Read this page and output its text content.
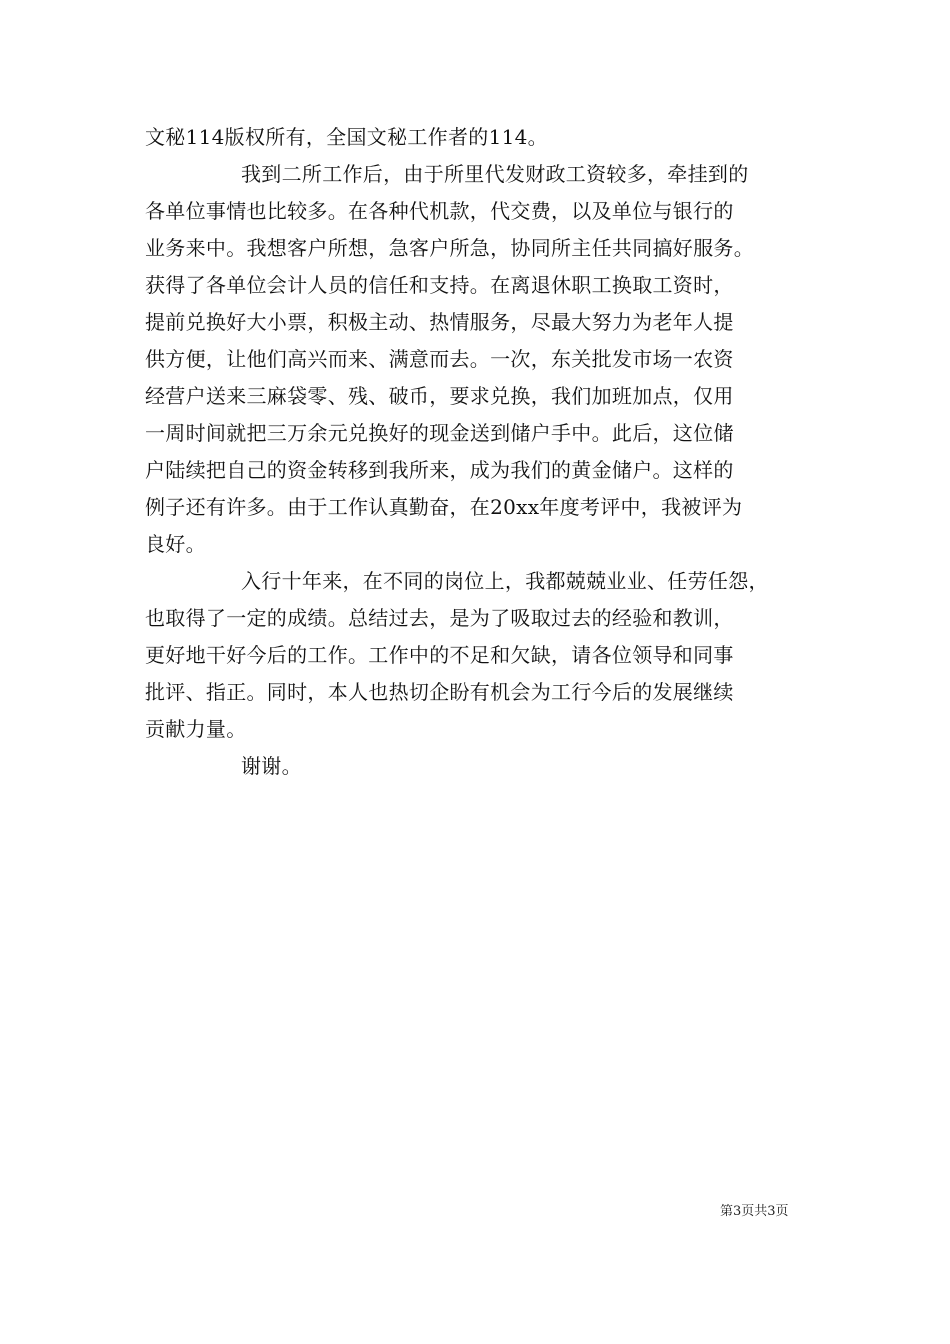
文秘114版权所有，全国文秘工作者的114。
我到二所工作后，由于所里代发财政工资较多，牵挂到的
各单位事情也比较多。在各种代机款，代交费，以及单位与银行的
业务来中。我想客户所想，急客户所急，协同所主任共同搞好服务。
获得了各单位会计人员的信任和支持。在离退休职工换取工资时，
提前兑换好大小票，积极主动、热情服务，尽最大努力为老年人提
供方便，让他们高兴而来、满意而去。一次，东关批发市场一农资
经营户送来三麻袋零、残、破币，要求兑换，我们加班加点，仅用
一周时间就把三万余元兑换好的现金送到储户手中。此后，这位储
户陆续把自己的资金转移到我所来，成为我们的黄金储户。这样的
例子还有许多。由于工作认真勤奋，在20xx年度考评中，我被评为
良好。
入行十年来，在不同的岗位上，我都兢兢业业、任劳任怨，
也取得了一定的成绩。总结过去，是为了吸取过去的经验和教训，
更好地干好今后的工作。工作中的不足和欠缺，请各位领导和同事
批评、指正。同时，本人也热切企盼有机会为工行今后的发展继续
贡献力量。
谢谢。
第3页共3页
